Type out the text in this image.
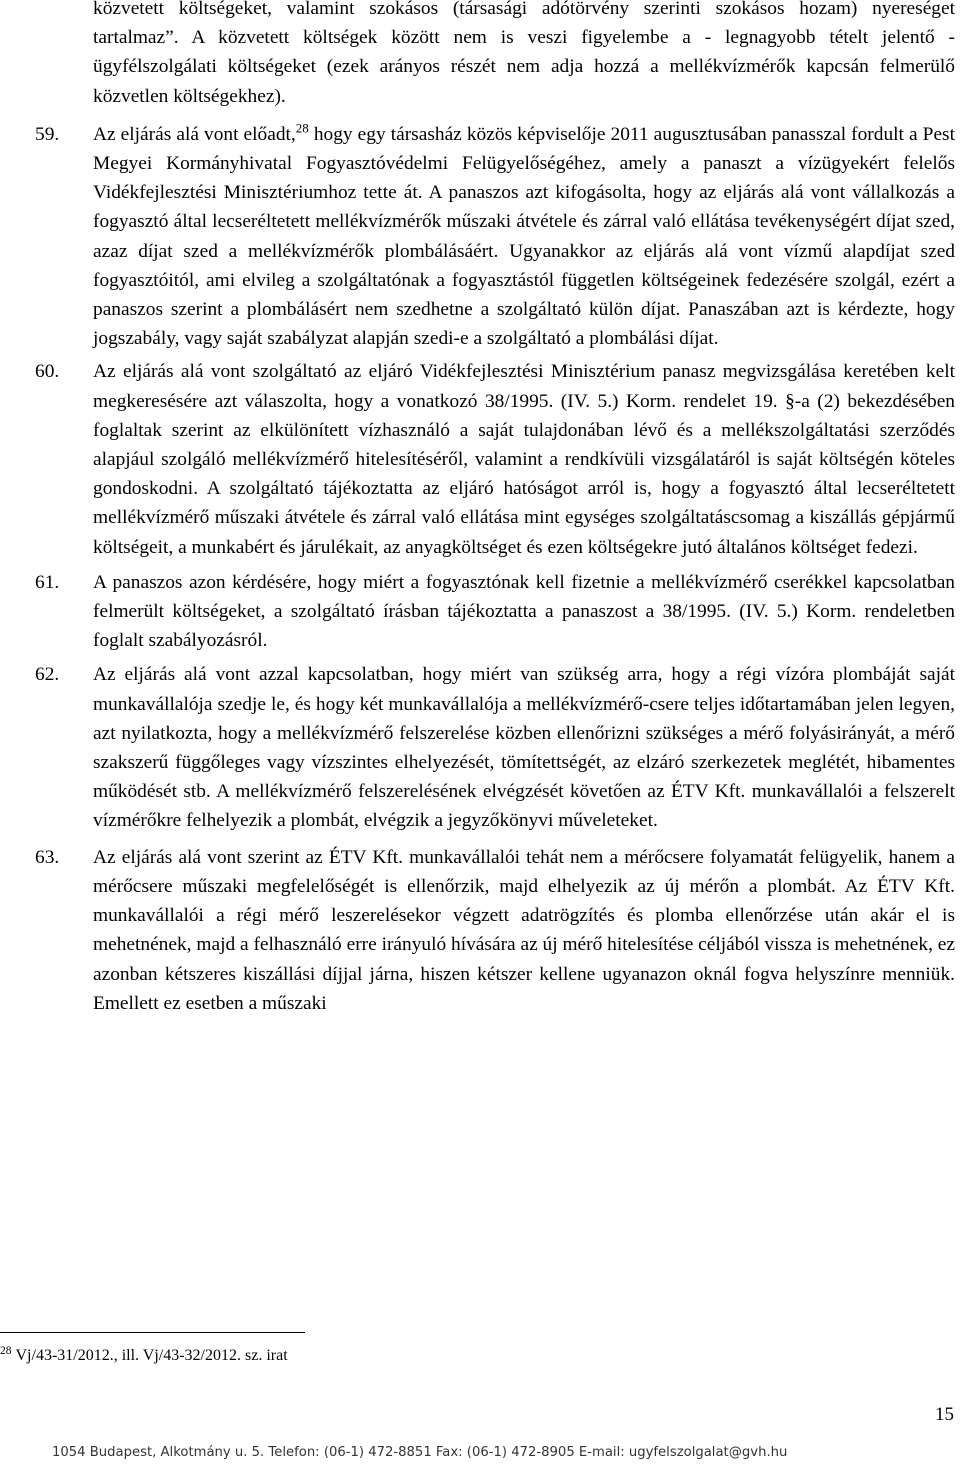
közvetett költségeket, valamint szokásos (társasági adótörvény szerinti szokásos hozam) nyereséget tartalmaz”. A közvetett költségek között nem is veszi figyelembe a - legnagyobb tételt jelentő - ügyfélszolgálati költségeket (ezek arányos részét nem adja hozzá a mellékvízmérők kapcsán felmerülő közvetlen költségekhez).

59. Az eljárás alá vont előadt,$^{28}$ hogy egy társasház közös képviselője 2011 augusztusában panasszal fordult a Pest Megyei Kormányhivatal Fogyasztóvédelmi Felügyelőségéhez, amely a panaszt a vízügyekért felelős Vidékfejlesztési Minisztériumhoz tette át. A panaszos azt kifogásolta, hogy az eljárás alá vont vállalkozás a fogyasztó által lecseréltetett mellékvízmérők műszaki átvétele és zárral való ellátása tevékenységért díjat szed, azaz díjat szed a mellékvízmérők plombálásáért. Ugyanakkor az eljárás alá vont vízmű alapdíjat szed fogyasztóitól, ami elvileg a szolgáltatónak a fogyasztástól független költségeinek fedezésére szolgál, ezért a panaszos szerint a plombálásért nem szedhetne a szolgáltató külön díjat. Panaszában azt is kérdezte, hogy jogszabály, vagy saját szabályzat alapján szedi-e a szolgáltató a plombálási díjat.
60. Az eljárás alá vont szolgáltató az eljáró Vidékfejlesztési Minisztérium panasz megvizsgálása keretében kelt megkeresésére azt válaszolta, hogy a vonatkozó 38/1995. (IV. 5.) Korm. rendelet 19. §-a (2) bekezdésében foglaltak szerint az elkülönített vízhasználó a saját tulajdonában lévő és a mellékszolgáltatási szerződés alapjául szolgáló mellékvízmérő hitelesítéséről, valamint a rendkívüli vizsgálatáról is saját költségén köteles gondoskodni. A szolgáltató tájékoztatta az eljáró hatóságot arról is, hogy a fogyasztó által lecseréltetett mellékvízmérő műszaki átvétele és zárral való ellátása mint egységes szolgáltatáscsomag a kiszállás gépjármű költségeit, a munkabért és járulékait, az anyagköltséget és ezen költségekre jutó általános költséget fedezi.
61. A panaszos azon kérdésére, hogy miért a fogyasztónak kell fizetnie a mellékvízmérő cserékkel kapcsolatban felmerült költségeket, a szolgáltató írásban tájékoztatta a panaszost a 38/1995. (IV. 5.) Korm. rendeletben foglalt szabályozásról.
62. Az eljárás alá vont azzal kapcsolatban, hogy miért van szükség arra, hogy a régi vízóra plombáját saját munkavállalója szedje le, és hogy két munkavállalója a mellékvízmérő-csere teljes időtartamában jelen legyen, azt nyilatkozta, hogy a mellékvízmérő felszerelése közben ellenőrizni szükséges a mérő folyásirányát, a mérő szakszerű függőleges vagy vízszintes elhelyezését, tömítettségét, az elzáró szerkezetek meglétét, hibamentes működését stb. A mellékvízmérő felszerelésének elvégzését követően az ÉTV Kft. munkavállalói a felszerelt vízmérőkre felhelyezik a plombát, elvégzik a jegyzőkönyvi műveleteket.
63. Az eljárás alá vont szerint az ÉTV Kft. munkavállalói tehát nem a mérőcsere folyamatát felügyelik, hanem a mérőcsere műszaki megfelelőségét is ellenőrzik, majd elhelyezik az új mérőn a plombát. Az ÉTV Kft. munkavállalói a régi mérő leszerelésekor végzett adatrögzítés és plomba ellenőrzése után akár el is mehetnének, majd a felhasználó erre irányuló hívására az új mérő hitelesítése céljából vissza is mehetnének, ez azonban kétszeres kiszállási díjjal járna, hiszen kétszer kellene ugyanazon oknál fogva helyszínre menniük. Emellett ez esetben a műszaki
$^{28}$ Vj/43-31/2012., ill. Vj/43-32/2012. sz. irat
15
1054 Budapest, Alkotmány u. 5. Telefon: (06-1) 472-8851 Fax: (06-1) 472-8905 E-mail: ugyfelszolgalat@gvh.hu
